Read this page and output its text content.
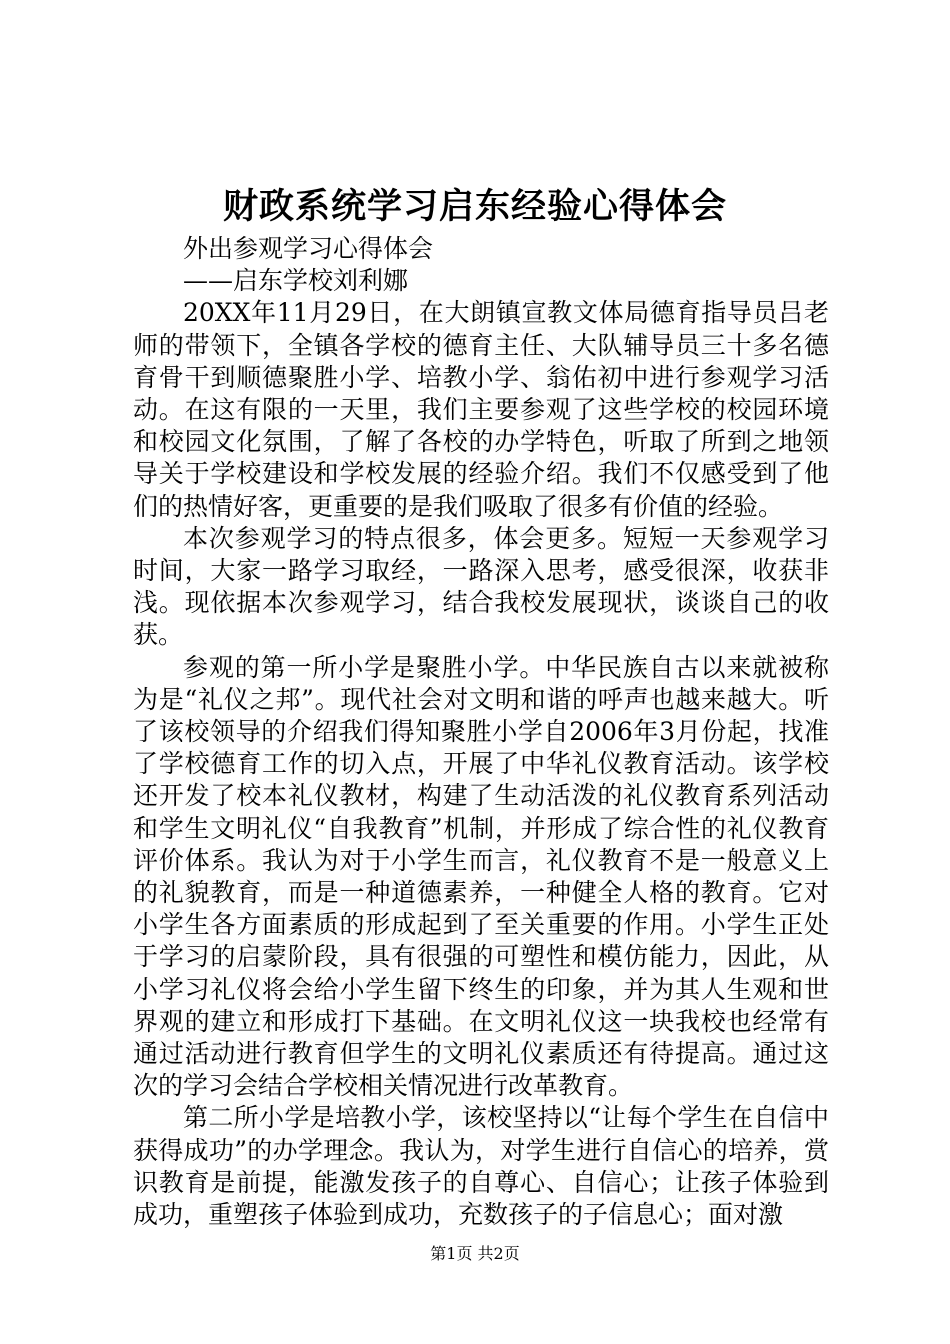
财政系统学习启东经验心得体会

外出参观学习心得体会

——启东学校刘利娜

20XX年11月29日，在大朗镇宣教文体局德育指导员吕老师的带领下，全镇各学校的德育主任、大队辅导员三十多名德育骨干到顺德聚胜小学、培教小学、翁佑初中进行参观学习活动。在这有限的一天里，我们主要参观了这些学校的校园环境和校园文化氛围，了解了各校的办学特色，听取了所到之地领导关于学校建设和学校发展的经验介绍。我们不仅感受到了他们的热情好客，更重要的是我们吸取了很多有价值的经验。

本次参观学习的特点很多，体会更多。短短一天参观学习时间，大家一路学习取经，一路深入思考，感受很深，收获非浅。现依据本次参观学习，结合我校发展现状，谈谈自己的收获。

参观的第一所小学是聚胜小学。中华民族自古以来就被称为是“礼仪之邦”。现代社会对文明和谐的呼声也越来越大。听了该校领导的介绍我们得知聚胜小学自2006年3月份起，找准了学校德育工作的切入点，开展了中华礼仪教育活动。该学校还开发了校本礼仪教材，构建了生动活泼的礼仪教育系列活动和学生文明礼仪“自我教育”机制，并形成了综合性的礼仪教育评价体系。我认为对于小学生而言，礼仪教育不是一般意义上的礼貌教育，而是一种道德素养，一种健全人格的教育。它对小学生各方面素质的形成起到了至关重要的作用。小学生正处于学习的启蒙阶段，具有很强的可塑性和模仿能力，因此，从小学习礼仪将会给小学生留下终生的印象，并为其人生观和世界观的建立和形成打下基础。在文明礼仪这一块我校也经常有通过活动进行教育但学生的文明礼仪素质还有待提高。通过这次的学习会结合学校相关情况进行改革教育。

第二所小学是培教小学，该校坚持以“让每个学生在自信中获得成功”的办学理念。我认为，对学生进行自信心的培养，赏识教育是前提，能激发孩子的自尊心、自信心；让孩子体验到成功，重塑孩子体验到成功，充数孩子的子信息心；面对激

第1页 共2页
